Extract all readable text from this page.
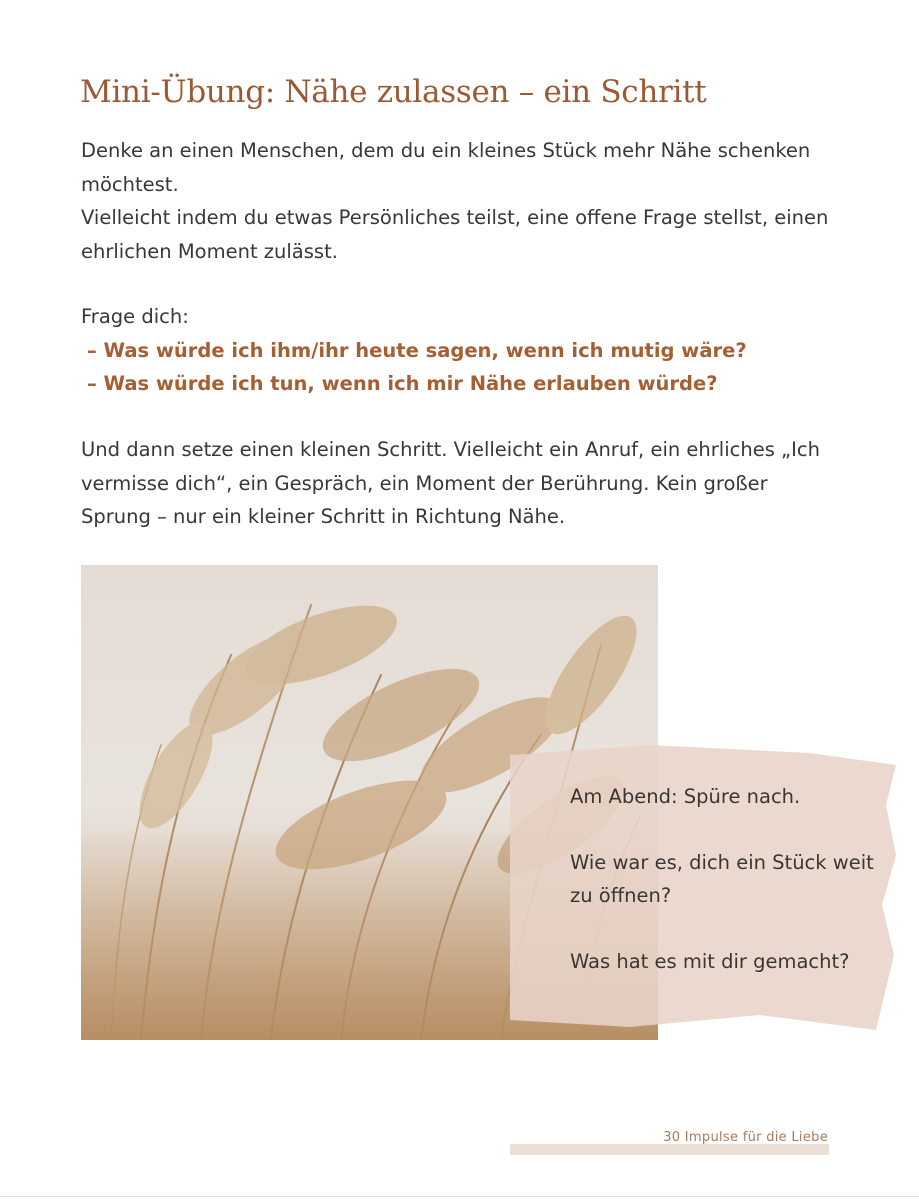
Mini-Übung: Nähe zulassen – ein Schritt
Denke an einen Menschen, dem du ein kleines Stück mehr Nähe schenken möchtest.
Vielleicht indem du etwas Persönliches teilst, eine offene Frage stellst, einen ehrlichen Moment zulässt.
Frage dich:
– Was würde ich ihm/ihr heute sagen, wenn ich mutig wäre?
– Was würde ich tun, wenn ich mir Nähe erlauben würde?
Und dann setze einen kleinen Schritt. Vielleicht ein Anruf, ein ehrliches „Ich vermisse dich“, ein Gespräch, ein Moment der Berührung. Kein großer Sprung – nur ein kleiner Schritt in Richtung Nähe.

Am Abend: Spüre nach.

Wie war es, dich ein Stück weit zu öffnen?

Was hat es mit dir gemacht?

30 Impulse für die Liebe
